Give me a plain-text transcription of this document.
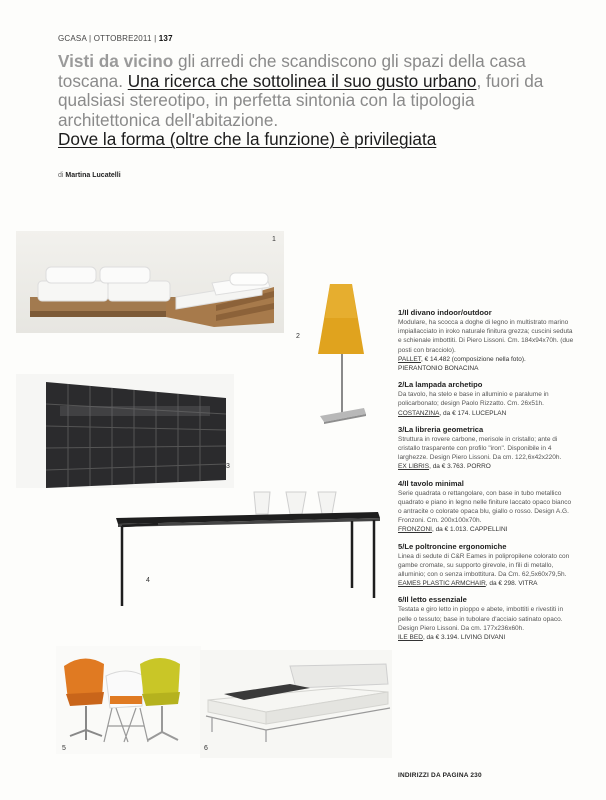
GCASA | OTTOBRE2011 | 137
Visti da vicino gli arredi che scandiscono gli spazi della casa toscana. Una ricerca che sottolinea il suo gusto urbano, fuori da qualsiasi stereotipo, in perfetta sintonia con la tipologia architettonica dell'abitazione.
Dove la forma (oltre che la funzione) è privilegiata
di Martina Lucatelli
1
2
3
4
5	6
1/Il divano indoor/outdoor
Modulare, ha scocca a doghe di legno in multistrato marino impiallacciato in iroko naturale finitura grezza; cuscini seduta e schienale imbottiti. Di Piero Lissoni. Cm. 184x94x70h. (due posti con bracciolo).
PALLET, € 14.482 (composizione nella foto).
PIERANTONIO BONACINA
2/La lampada archetipo
Da tavolo, ha stelo e base in alluminio e paralume in policarbonato; design Paolo Rizzatto. Cm. 26x51h.
COSTANZINA, da € 174. LUCEPLAN
3/La libreria geometrica
Struttura in rovere carbone, merisole in cristallo; ante di cristallo trasparente con profilo "iron". Disponibile in 4 larghezze. Design Piero Lissoni. Da cm. 122,6x42x220h.
EX LIBRIS, da € 3.763. PORRO
4/Il tavolo minimal
Serie quadrata o rettangolare, con base in tubo metallico quadrato e piano in legno nelle finiture laccato opaco bianco o antracite o colorate opaca blu, giallo o rosso. Design A.G. Fronzoni. Cm. 200x100x70h.
FRONZONI, da € 1.013. CAPPELLINI
5/Le poltroncine ergonomiche
Linea di sedute di C&R Eames in polipropilene colorato con gambe cromate, su supporto girevole, in fili di metallo, alluminio; con o senza imbottitura. Da Cm. 62,5x60x79,5h.
EAMES PLASTIC ARMCHAIR, da € 298. VITRA
6/Il letto essenziale
Testata e giro letto in pioppo e abete, imbottiti e rivestiti in pelle o tessuto; base in tubolare d'acciaio satinato opaco. Design Piero Lissoni. Da cm. 177x236x60h.
ILE BED, da € 3.194. LIVING DIVANI
INDIRIZZI DA PAGINA 230
